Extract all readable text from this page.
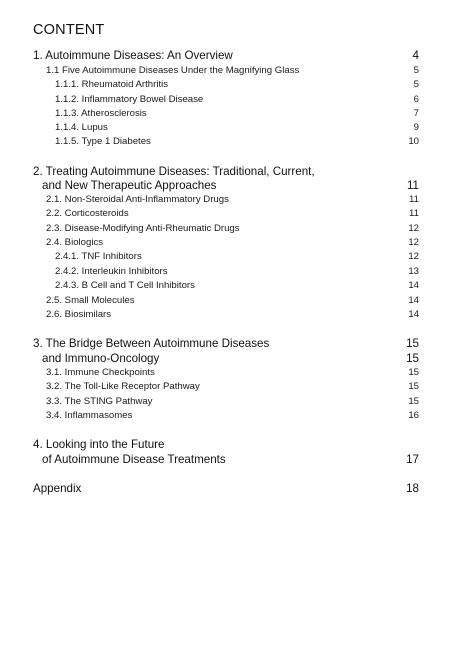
CONTENT
1. Autoimmune Diseases: An Overview	4
1.1 Five Autoimmune Diseases Under the Magnifying Glass	5
1.1.1. Rheumatoid Arthritis	5
1.1.2. Inflammatory Bowel Disease	6
1.1.3. Atherosclerosis	7
1.1.4. Lupus	9
1.1.5. Type 1 Diabetes	10
2. Treating Autoimmune Diseases: Traditional, Current,
and New Therapeutic Approaches	11
2.1. Non-Steroidal Anti-Inflammatory Drugs	11
2.2. Corticosteroids	11
2.3. Disease-Modifying Anti-Rheumatic Drugs	12
2.4. Biologics	12
2.4.1. TNF Inhibitors	12
2.4.2. Interleukin Inhibitors	13
2.4.3. B Cell and T Cell Inhibitors	14
2.5. Small Molecules	14
2.6. Biosimilars	14
3. The Bridge Between Autoimmune Diseases	15
and Immuno-Oncology	15
3.1. Immune Checkpoints	15
3.2. The Toll-Like Receptor Pathway	15
3.3. The STING Pathway	15
3.4. Inflammasomes	16
4. Looking into the Future
of Autoimmune Disease Treatments	17
Appendix	18
